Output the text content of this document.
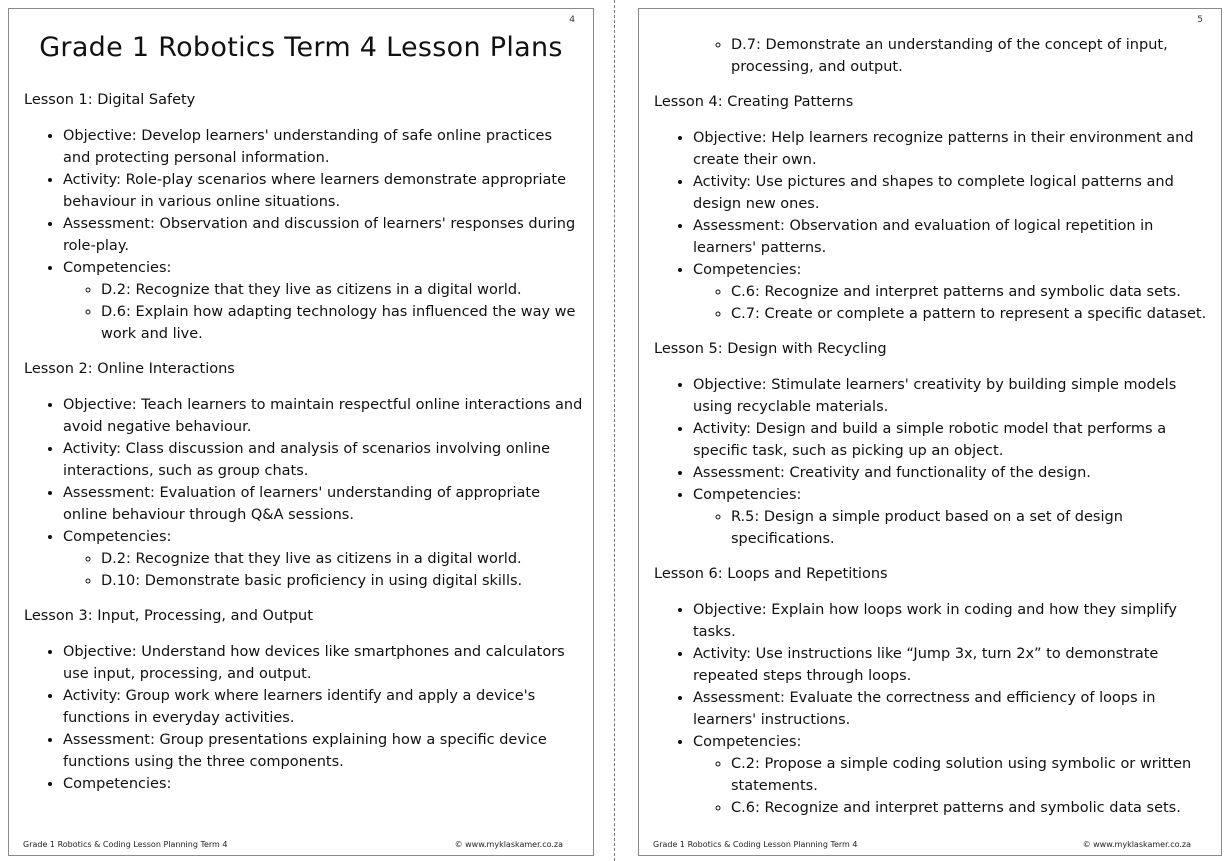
4
Grade 1 Robotics Term 4 Lesson Plans
Lesson 1: Digital Safety
• Objective: Develop learners' understanding of safe online practices and protecting personal information.
• Activity: Role-play scenarios where learners demonstrate appropriate behaviour in various online situations.
• Assessment: Observation and discussion of learners' responses during role-play.
• Competencies:
◦ D.2: Recognize that they live as citizens in a digital world.
◦ D.6: Explain how adapting technology has influenced the way we work and live.
Lesson 2: Online Interactions
• Objective: Teach learners to maintain respectful online interactions and avoid negative behaviour.
• Activity: Class discussion and analysis of scenarios involving online interactions, such as group chats.
• Assessment: Evaluation of learners' understanding of appropriate online behaviour through Q&A sessions.
• Competencies:
◦ D.2: Recognize that they live as citizens in a digital world.
◦ D.10: Demonstrate basic proficiency in using digital skills.
Lesson 3: Input, Processing, and Output
• Objective: Understand how devices like smartphones and calculators use input, processing, and output.
• Activity: Group work where learners identify and apply a device's functions in everyday activities.
• Assessment: Group presentations explaining how a specific device functions using the three components.
• Competencies:
Grade 1 Robotics & Coding Lesson Planning Term 4	© www.myklaskamer.co.za
5
◦ D.7: Demonstrate an understanding of the concept of input, processing, and output.
Lesson 4: Creating Patterns
• Objective: Help learners recognize patterns in their environment and create their own.
• Activity: Use pictures and shapes to complete logical patterns and design new ones.
• Assessment: Observation and evaluation of logical repetition in learners' patterns.
• Competencies:
◦ C.6: Recognize and interpret patterns and symbolic data sets.
◦ C.7: Create or complete a pattern to represent a specific dataset.
Lesson 5: Design with Recycling
• Objective: Stimulate learners' creativity by building simple models using recyclable materials.
• Activity: Design and build a simple robotic model that performs a specific task, such as picking up an object.
• Assessment: Creativity and functionality of the design.
• Competencies:
◦ R.5: Design a simple product based on a set of design specifications.
Lesson 6: Loops and Repetitions
• Objective: Explain how loops work in coding and how they simplify tasks.
• Activity: Use instructions like “Jump 3x, turn 2x” to demonstrate repeated steps through loops.
• Assessment: Evaluate the correctness and efficiency of loops in learners' instructions.
• Competencies:
◦ C.2: Propose a simple coding solution using symbolic or written statements.
◦ C.6: Recognize and interpret patterns and symbolic data sets.
Grade 1 Robotics & Coding Lesson Planning Term 4	© www.myklaskamer.co.za
